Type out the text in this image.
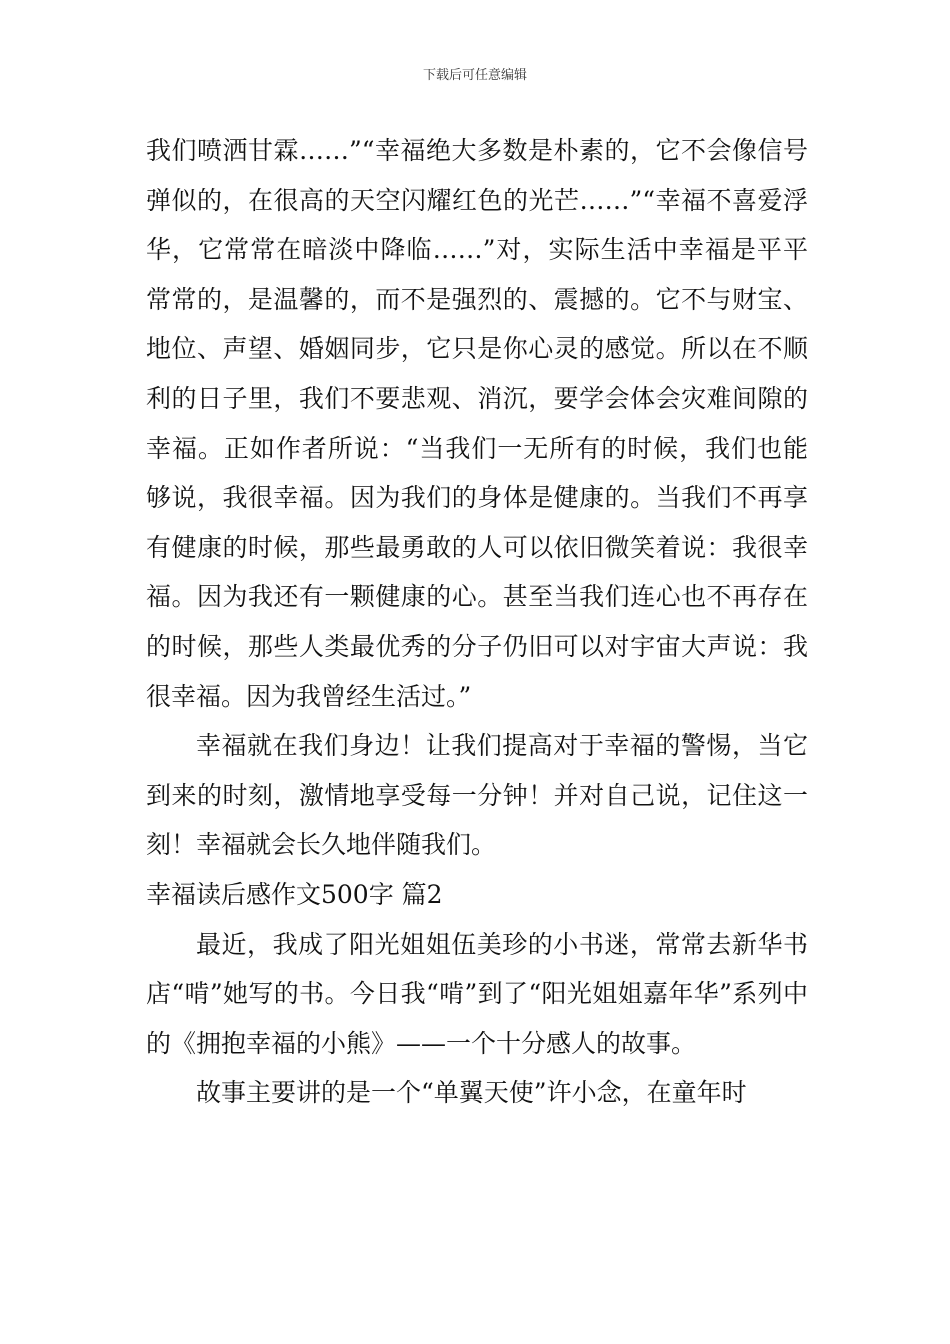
下载后可任意编辑

我们喷洒甘霖……”“幸福绝大多数是朴素的，它不会像信号弹似的，在很高的天空闪耀红色的光芒……”“幸福不喜爱浮华，它常常在暗淡中降临……”对，实际生活中幸福是平平常常的，是温馨的，而不是强烈的、震撼的。它不与财宝、地位、声望、婚姻同步，它只是你心灵的感觉。所以在不顺利的日子里，我们不要悲观、消沉，要学会体会灾难间隙的幸福。正如作者所说：“当我们一无所有的时候，我们也能够说，我很幸福。因为我们的身体是健康的。当我们不再享有健康的时候，那些最勇敢的人可以依旧微笑着说：我很幸福。因为我还有一颗健康的心。甚至当我们连心也不再存在的时候，那些人类最优秀的分子仍旧可以对宇宙大声说：我很幸福。因为我曾经生活过。”

幸福就在我们身边！让我们提高对于幸福的警惕，当它到来的时刻，激情地享受每一分钟！并对自己说，记住这一刻！幸福就会长久地伴随我们。

幸福读后感作文500字 篇2

最近，我成了阳光姐姐伍美珍的小书迷，常常去新华书店“啃”她写的书。今日我“啃”到了“阳光姐姐嘉年华”系列中的《拥抱幸福的小熊》——一个十分感人的故事。

故事主要讲的是一个“单翼天使”许小念，在童年时
